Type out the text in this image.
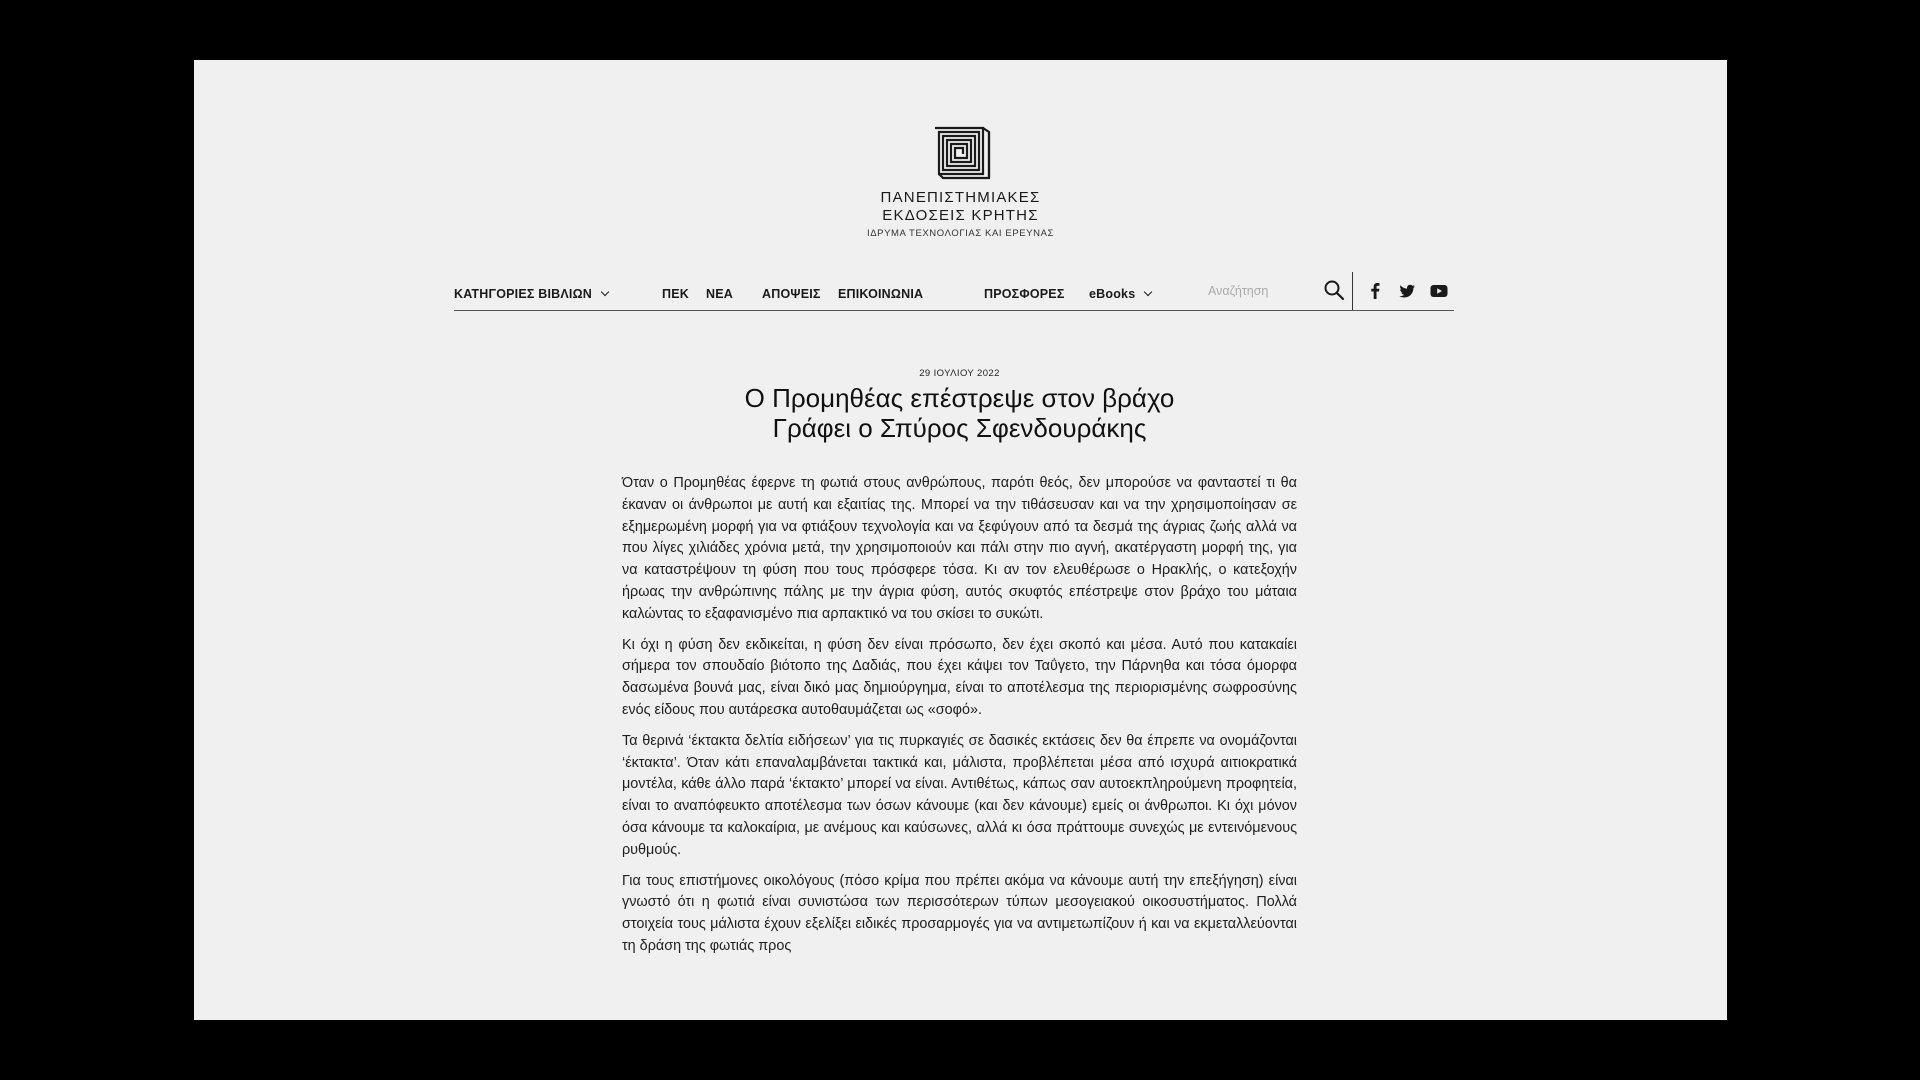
ΠΑΝΕΠΙΣΤΗΜΙΑΚΕΣ
ΕΚΔΟΣΕΙΣ ΚΡΗΤΗΣ
ΙΔΡΥΜΑ ΤΕΧΝΟΛΟΓΙΑΣ ΚΑΙ ΕΡΕΥΝΑΣ
ΚΑΤΗΓΟΡΙΕΣ ΒΙΒΛΙΩΝ	ΠΕΚ ΝΕΑ ΑΠΟΨΕΙΣ ΕΠΙΚΟΙΝΩΝΙΑ	ΠΡΟΣΦΟΡΕΣ eBooks
Αναζήτηση
29 ΙΟΥΛΙΟΥ 2022
Ο Προμηθέας επέστρεψε στον βράχο
Γράφει ο Σπύρος Σφενδουράκης

Όταν ο Προμηθέας έφερνε τη φωτιά στους ανθρώπους, παρότι θεός, δεν μπορούσε να φανταστεί τι θα έκαναν οι άνθρωποι με αυτή και εξαιτίας της. Μπορεί να την τιθάσευσαν και να την χρησιμοποίησαν σε εξημερωμένη μορφή για να φτιάξουν τεχνολογία και να ξεφύγουν από τα δεσμά της άγριας ζωής αλλά να που λίγες χιλιάδες χρόνια μετά, την χρησιμοποιούν και πάλι στην πιο αγνή, ακατέργαστη μορφή της, για να καταστρέψουν τη φύση που τους πρόσφερε τόσα. Κι αν τον ελευθέρωσε ο Ηρακλής, ο κατεξοχήν ήρωας την ανθρώπινης πάλης με την άγρια φύση, αυτός σκυφτός επέστρεψε στον βράχο του μάταια καλώντας το εξαφανισμένο πια αρπακτικό να του σκίσει το συκώτι.

Κι όχι η φύση δεν εκδικείται, η φύση δεν είναι πρόσωπο, δεν έχει σκοπό και μέσα. Αυτό που κατακαίει σήμερα τον σπουδαίο βιότοπο της Δαδιάς, που έχει κάψει τον Ταΰγετο, την Πάρνηθα και τόσα όμορφα δασωμένα βουνά μας, είναι δικό μας δημιούργημα, είναι το αποτέλεσμα της περιορισμένης σωφροσύνης ενός είδους που αυτάρεσκα αυτοθαυμάζεται ως «σοφό».

Τα θερινά ‘έκτακτα δελτία ειδήσεων’ για τις πυρκαγιές σε δασικές εκτάσεις δεν θα έπρεπε να ονομάζονται ‘έκτακτα’. Όταν κάτι επαναλαμβάνεται τακτικά και, μάλιστα, προβλέπεται μέσα από ισχυρά αιτιοκρατικά μοντέλα, κάθε άλλο παρά ‘έκτακτο’ μπορεί να είναι. Αντιθέτως, κάπως σαν αυτοεκπληρούμενη προφητεία, είναι το αναπόφευκτο αποτέλεσμα των όσων κάνουμε (και δεν κάνουμε) εμείς οι άνθρωποι. Κι όχι μόνον όσα κάνουμε τα καλοκαίρια, με ανέμους και καύσωνες, αλλά κι όσα πράττουμε συνεχώς με εντεινόμενους ρυθμούς.

Για τους επιστήμονες οικολόγους (πόσο κρίμα που πρέπει ακόμα να κάνουμε αυτή την επεξήγηση) είναι γνωστό ότι η φωτιά είναι συνιστώσα των περισσότερων τύπων μεσογειακού οικοσυστήματος. Πολλά στοιχεία τους μάλιστα έχουν εξελίξει ειδικές προσαρμογές για να αντιμετωπίζουν ή και να εκμεταλλεύονται τη δράση της φωτιάς προς
